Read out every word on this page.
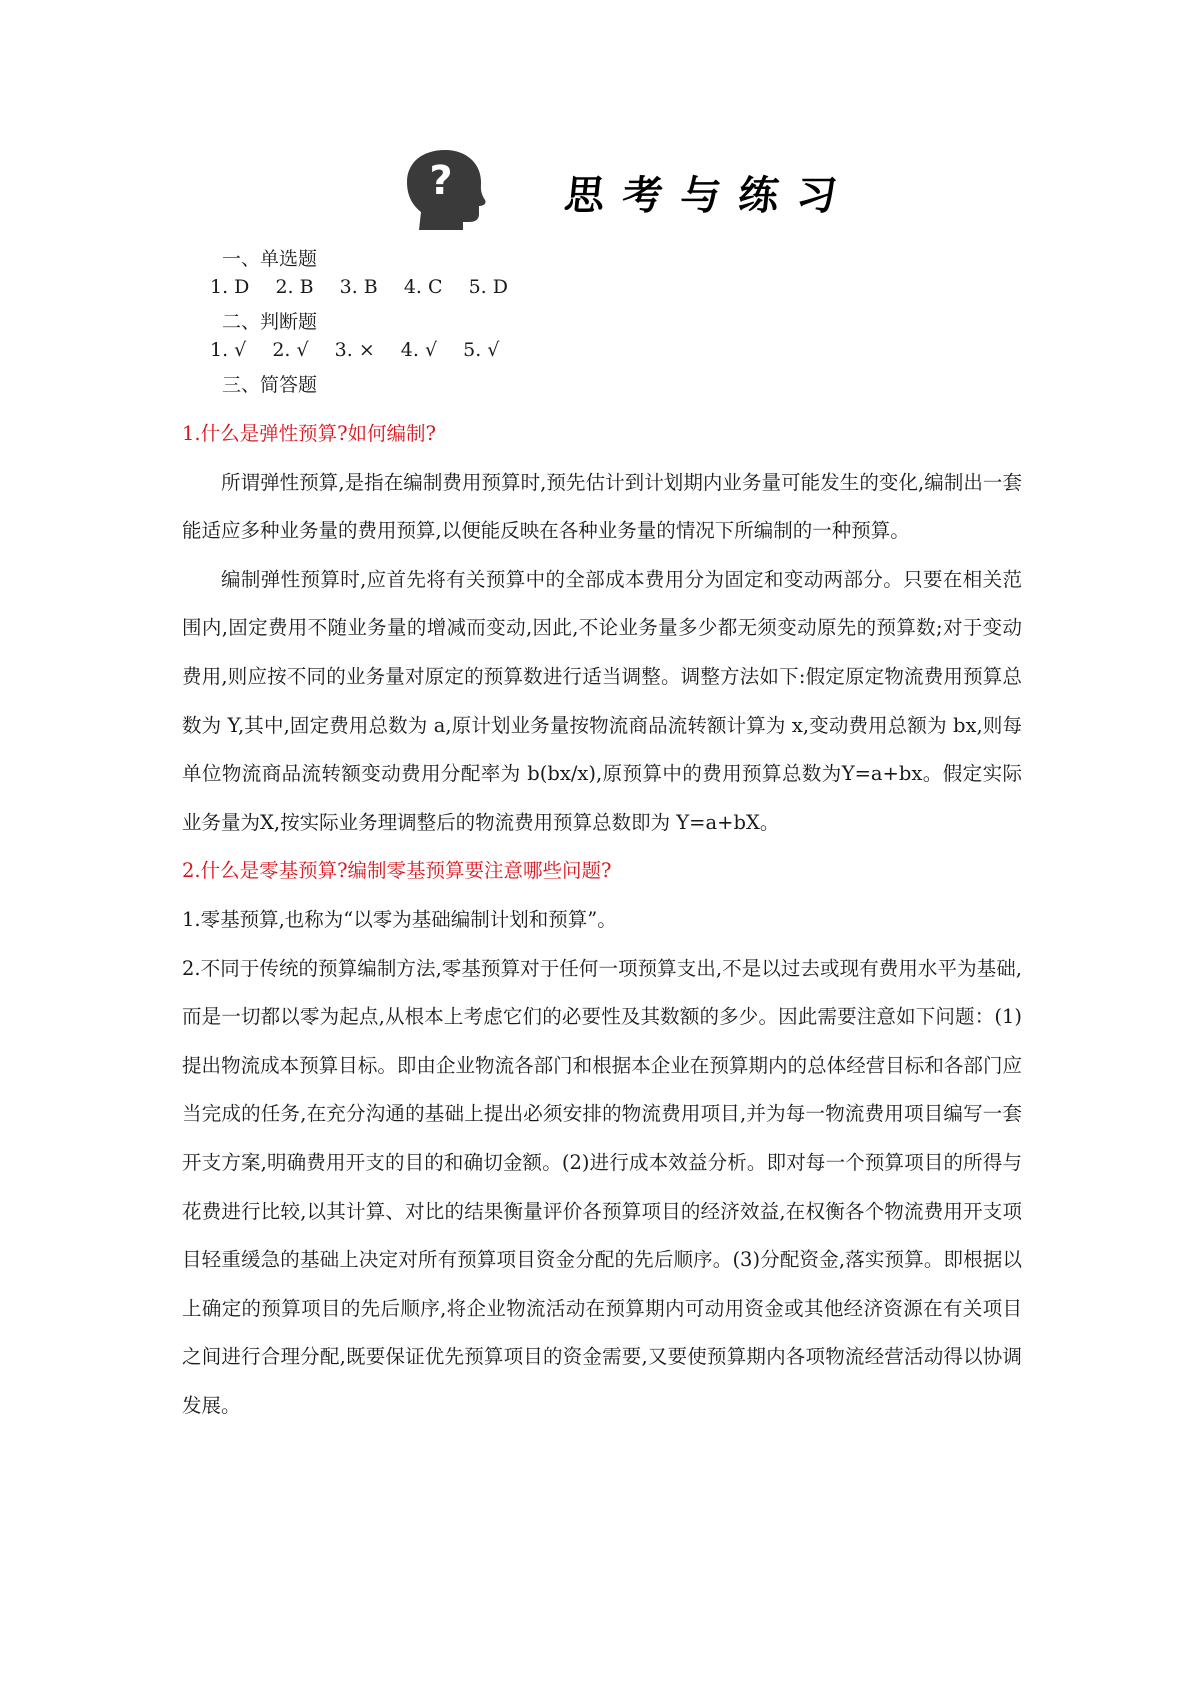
?	思考与练习
一、单选题
1. D 2. B 3. B 4. C 5. D
二、判断题
1. √ 2. √ 3. × 4. √ 5. √
三、简答题

1.什么是弹性预算?如何编制?

所谓弹性预算,是指在编制费用预算时,预先估计到计划期内业务量可能发生的变化,编制出一套能适应多种业务量的费用预算,以便能反映在各种业务量的情况下所编制的一种预算。

编制弹性预算时,应首先将有关预算中的全部成本费用分为固定和变动两部分。只要在相关范围内,固定费用不随业务量的增减而变动,因此,不论业务量多少都无须变动原先的预算数;对于变动费用,则应按不同的业务量对原定的预算数进行适当调整。调整方法如下:假定原定物流费用预算总数为 Y,其中,固定费用总数为 a,原计划业务量按物流商品流转额计算为 x,变动费用总额为 bx,则每单位物流商品流转额变动费用分配率为 b(bx/x),原预算中的费用预算总数为Y=a+bx。假定实际业务量为X,按实际业务理调整后的物流费用预算总数即为 Y=a+bX。

2.什么是零基预算?编制零基预算要注意哪些问题?

1.零基预算,也称为“以零为基础编制计划和预算”。

2.不同于传统的预算编制方法,零基预算对于任何一项预算支出,不是以过去或现有费用水平为基础,而是一切都以零为起点,从根本上考虑它们的必要性及其数额的多少。因此需要注意如下问题：(1)提出物流成本预算目标。即由企业物流各部门和根据本企业在预算期内的总体经营目标和各部门应当完成的任务,在充分沟通的基础上提出必须安排的物流费用项目,并为每一物流费用项目编写一套开支方案,明确费用开支的目的和确切金额。(2)进行成本效益分析。即对每一个预算项目的所得与花费进行比较,以其计算、对比的结果衡量评价各预算项目的经济效益,在权衡各个物流费用开支项目轻重缓急的基础上决定对所有预算项目资金分配的先后顺序。(3)分配资金,落实预算。即根据以上确定的预算项目的先后顺序,将企业物流活动在预算期内可动用资金或其他经济资源在有关项目之间进行合理分配,既要保证优先预算项目的资金需要,又要使预算期内各项物流经营活动得以协调发展。
